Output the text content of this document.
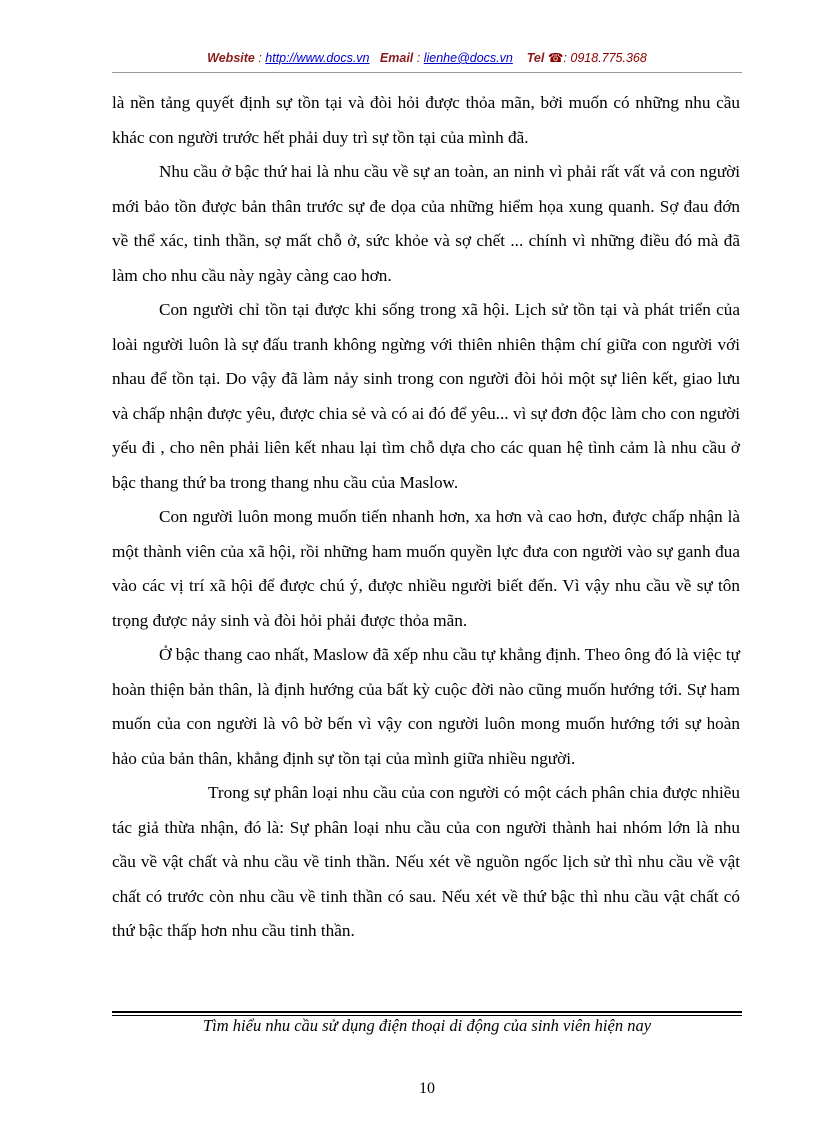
Website : http://www.docs.vn Email : lienhe@docs.vn Tel ☎: 0918.775.368

là nền tảng quyết định sự tồn tại và đòi hỏi được thỏa mãn, bởi muốn có những nhu cầu khác con người trước hết phải duy trì sự tồn tại của mình đã.

Nhu cầu ở bậc thứ hai là nhu cầu về sự an toàn, an ninh vì phải rất vất vả con người mới bảo tồn được bản thân trước sự đe dọa của những hiểm họa xung quanh. Sợ đau đớn về thể xác, tinh thần, sợ mất chỗ ở, sức khỏe và sợ chết ... chính vì những điều đó mà đã làm cho nhu cầu này ngày càng cao hơn.

Con người chỉ tồn tại được khi sống trong xã hội. Lịch sử tồn tại và phát triển của loài người luôn là sự đấu tranh không ngừng với thiên nhiên thậm chí giữa con người với nhau để tồn tại. Do vậy đã làm nảy sinh trong con người đòi hỏi một sự liên kết, giao lưu và chấp nhận được yêu, được chia sẻ và có ai đó để yêu... vì sự đơn độc làm cho con người yếu đi , cho nên phải liên kết nhau lại tìm chỗ dựa cho các quan hệ tình cảm là nhu cầu ở bậc thang thứ ba trong thang nhu cầu của Maslow.

Con người luôn mong muốn tiến nhanh hơn, xa hơn và cao hơn, được chấp nhận là một thành viên của xã hội, rồi những ham muốn quyền lực đưa con người vào sự ganh đua vào các vị trí xã hội để được chú ý, được nhiều người biết đến. Vì vậy nhu cầu về sự tôn trọng được nảy sinh và đòi hỏi phải được thỏa mãn.

Ở bậc thang cao nhất, Maslow đã xếp nhu cầu tự khẳng định. Theo ông đó là việc tự hoàn thiện bản thân, là định hướng của bất kỳ cuộc đời nào cũng muốn hướng tới. Sự ham muốn của con người là vô bờ bến vì vậy con người luôn mong muốn hướng tới sự hoàn hảo của bản thân, khẳng định sự tồn tại của mình giữa nhiều người.

Trong sự phân loại nhu cầu của con người có một cách phân chia được nhiều tác giả thừa nhận, đó là: Sự phân loại nhu cầu của con người thành hai nhóm lớn là nhu cầu về vật chất và nhu cầu về tinh thần. Nếu xét về nguồn ngốc lịch sử thì nhu cầu về vật chất có trước còn nhu cầu về tinh thần có sau. Nếu xét về thứ bậc thì nhu cầu vật chất có thứ bậc thấp hơn nhu cầu tinh thần.

Tìm hiểu nhu cầu sử dụng điện thoại di động của sinh viên hiện nay
10
